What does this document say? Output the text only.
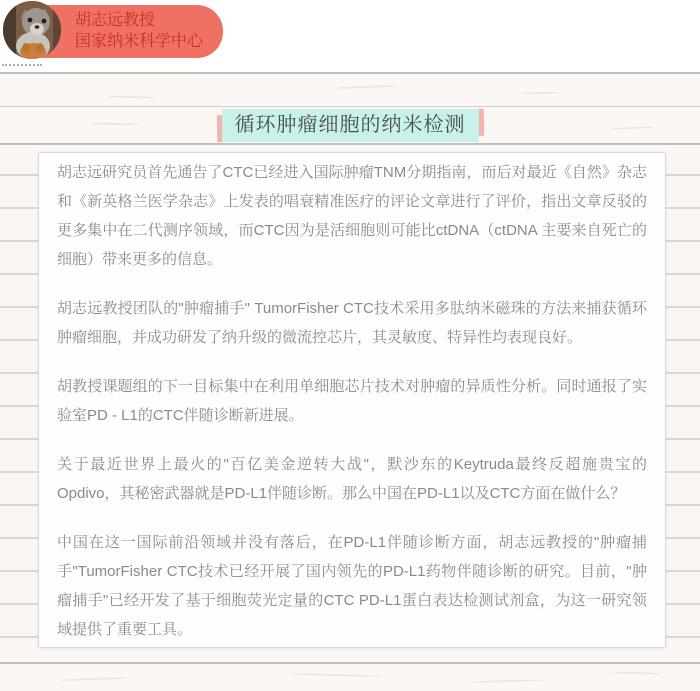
胡志远教授
国家纳米科学中心
循环肿瘤细胞的纳米检测

胡志远研究员首先通告了CTC已经进入国际肿瘤TNM分期指南，而后对最近《自然》杂志和《新英格兰医学杂志》上发表的唱衰精准医疗的评论文章进行了评价，指出文章反驳的更多集中在二代测序领域，而CTC因为是活细胞则可能比ctDNA（ctDNA 主要来自死亡的细胞）带来更多的信息。

胡志远教授团队的"肿瘤捕手" TumorFisher CTC技术采用多肽纳米磁珠的方法来捕获循环肿瘤细胞，并成功研发了纳升级的微流控芯片，其灵敏度、特异性均表现良好。

胡教授课题组的下一目标集中在利用单细胞芯片技术对肿瘤的异质性分析。同时通报了实验室PD - L1的CTC伴随诊断新进展。

关于最近世界上最火的"百亿美金逆转大战"，默沙东的Keytruda最终反超施贵宝的Opdivo，其秘密武器就是PD-L1伴随诊断。那么中国在PD-L1以及CTC方面在做什么？

中国在这一国际前沿领域并没有落后，在PD-L1伴随诊断方面，胡志远教授的"肿瘤捕手"TumorFisher CTC技术已经开展了国内领先的PD-L1药物伴随诊断的研究。目前，"肿瘤捕手"已经开发了基于细胞荧光定量的CTC PD-L1蛋白表达检测试剂盒，为这一研究领域提供了重要工具。
